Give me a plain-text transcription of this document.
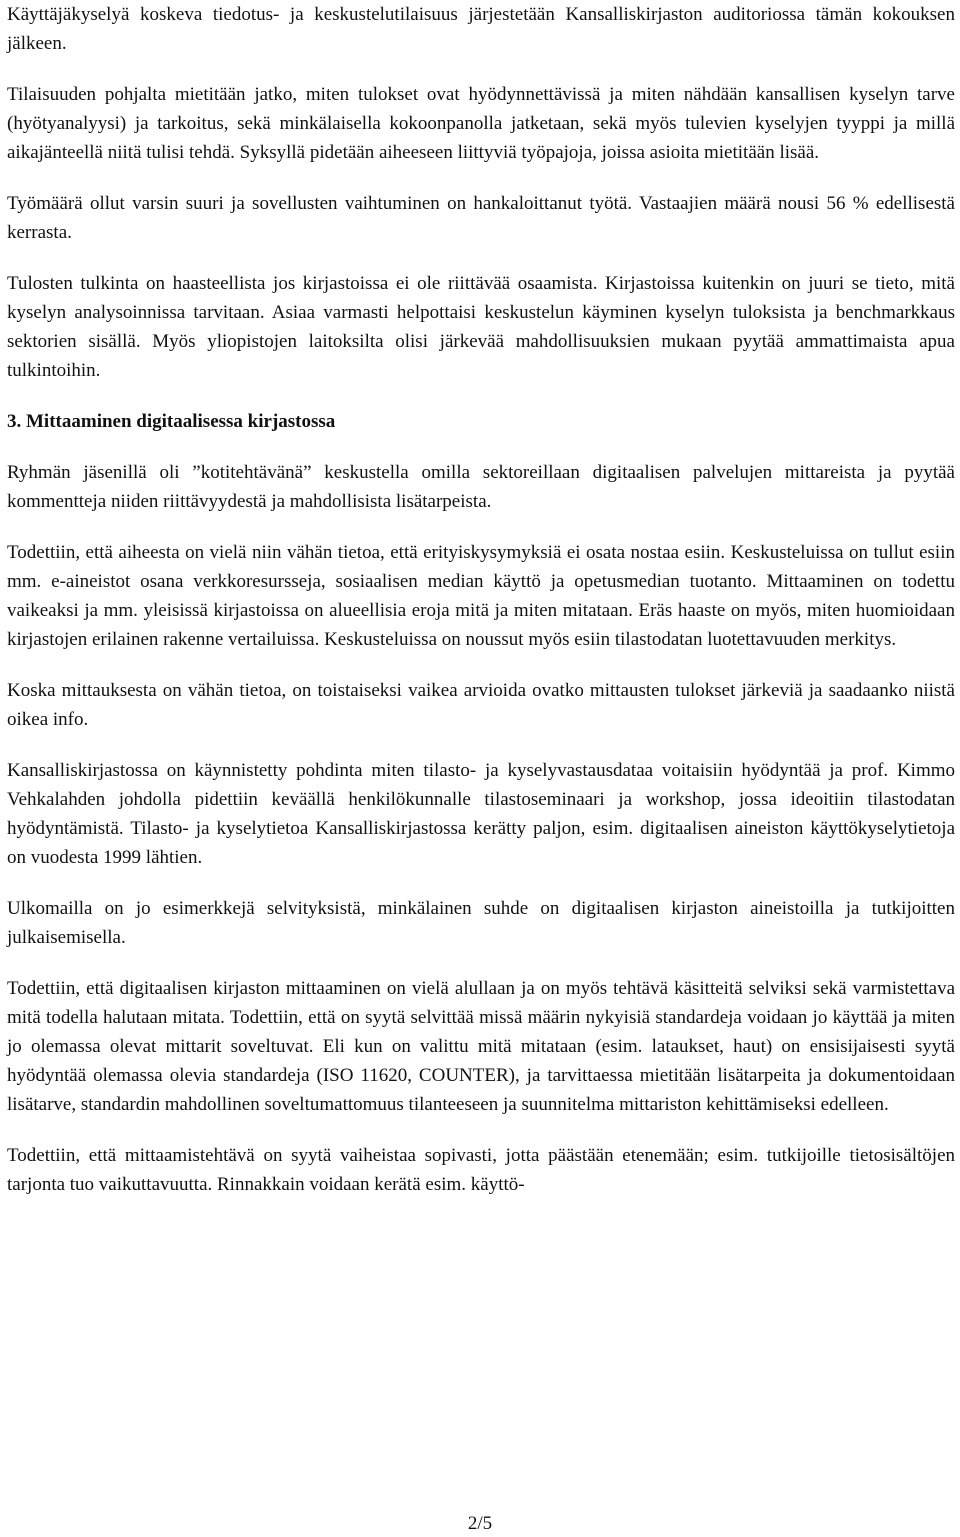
Käyttäjäkyselyä koskeva tiedotus- ja keskustelutilaisuus järjestetään Kansalliskirjaston auditoriossa tämän kokouksen jälkeen.

Tilaisuuden pohjalta mietitään jatko, miten tulokset ovat hyödynnettävissä ja miten nähdään kansallisen kyselyn tarve (hyötyanalyysi) ja tarkoitus, sekä minkälaisella kokoonpanolla jatketaan, sekä myös tulevien kyselyjen tyyppi ja millä aikajänteellä niitä tulisi tehdä. Syksyllä pidetään aiheeseen liittyviä työpajoja, joissa asioita mietitään lisää.

Työmäärä ollut varsin suuri ja sovellusten vaihtuminen on hankaloittanut työtä. Vastaajien määrä nousi 56 % edellisestä kerrasta.

Tulosten tulkinta on haasteellista jos kirjastoissa ei ole riittävää osaamista. Kirjastoissa kuitenkin on juuri se tieto, mitä kyselyn analysoinnissa tarvitaan. Asiaa varmasti helpottaisi keskustelun käyminen kyselyn tuloksista ja benchmarkkaus sektorien sisällä. Myös yliopistojen laitoksilta olisi järkevää mahdollisuuksien mukaan pyytää ammattimaista apua tulkintoihin.

3. Mittaaminen digitaalisessa kirjastossa

Ryhmän jäsenillä oli ”kotitehtävänä” keskustella omilla sektoreillaan digitaalisen palvelujen mittareista ja pyytää kommentteja niiden riittävyydestä ja mahdollisista lisätarpeista.

Todettiin, että aiheesta on vielä niin vähän tietoa, että erityiskysymyksiä ei osata nostaa esiin. Keskusteluissa on tullut esiin mm. e-aineistot osana verkkoresursseja, sosiaalisen median käyttö ja opetusmedian tuotanto. Mittaaminen on todettu vaikeaksi ja mm. yleisissä kirjastoissa on alueellisia eroja mitä ja miten mitataan. Eräs haaste on myös, miten huomioidaan kirjastojen erilainen rakenne vertailuissa. Keskusteluissa on noussut myös esiin tilastodatan luotettavuuden merkitys.

Koska mittauksesta on vähän tietoa, on toistaiseksi vaikea arvioida ovatko mittausten tulokset järkeviä ja saadaanko niistä oikea info.

Kansalliskirjastossa on käynnistetty pohdinta miten tilasto- ja kyselyvastausdataa voitaisiin hyödyntää ja prof. Kimmo Vehkalahden johdolla pidettiin keväällä henkilökunnalle tilastoseminaari ja workshop, jossa ideoitiin tilastodatan hyödyntämistä. Tilasto- ja kyselytietoa Kansalliskirjastossa kerätty paljon, esim. digitaalisen aineiston käyttökyselytietoja on vuodesta 1999 lähtien.

Ulkomailla on jo esimerkkejä selvityksistä, minkälainen suhde on digitaalisen kirjaston aineistoilla ja tutkijoitten julkaisemisella.

Todettiin, että digitaalisen kirjaston mittaaminen on vielä alullaan ja on myös tehtävä käsitteitä selviksi sekä varmistettava mitä todella halutaan mitata. Todettiin, että on syytä selvittää missä määrin nykyisiä standardeja voidaan jo käyttää ja miten jo olemassa olevat mittarit soveltuvat. Eli kun on valittu mitä mitataan (esim. lataukset, haut) on ensisijaisesti syytä hyödyntää olemassa olevia standardeja (ISO 11620, COUNTER), ja tarvittaessa mietitään lisätarpeita ja dokumentoidaan lisätarve, standardin mahdollinen soveltumattomuus tilanteeseen ja suunnitelma mittariston kehittämiseksi edelleen.

Todettiin, että mittaamistehtävä on syytä vaiheistaa sopivasti, jotta päästään etenemään; esim. tutkijoille tietosisältöjen tarjonta tuo vaikuttavuutta. Rinnakkain voidaan kerätä esim. käyttö-

2/5
